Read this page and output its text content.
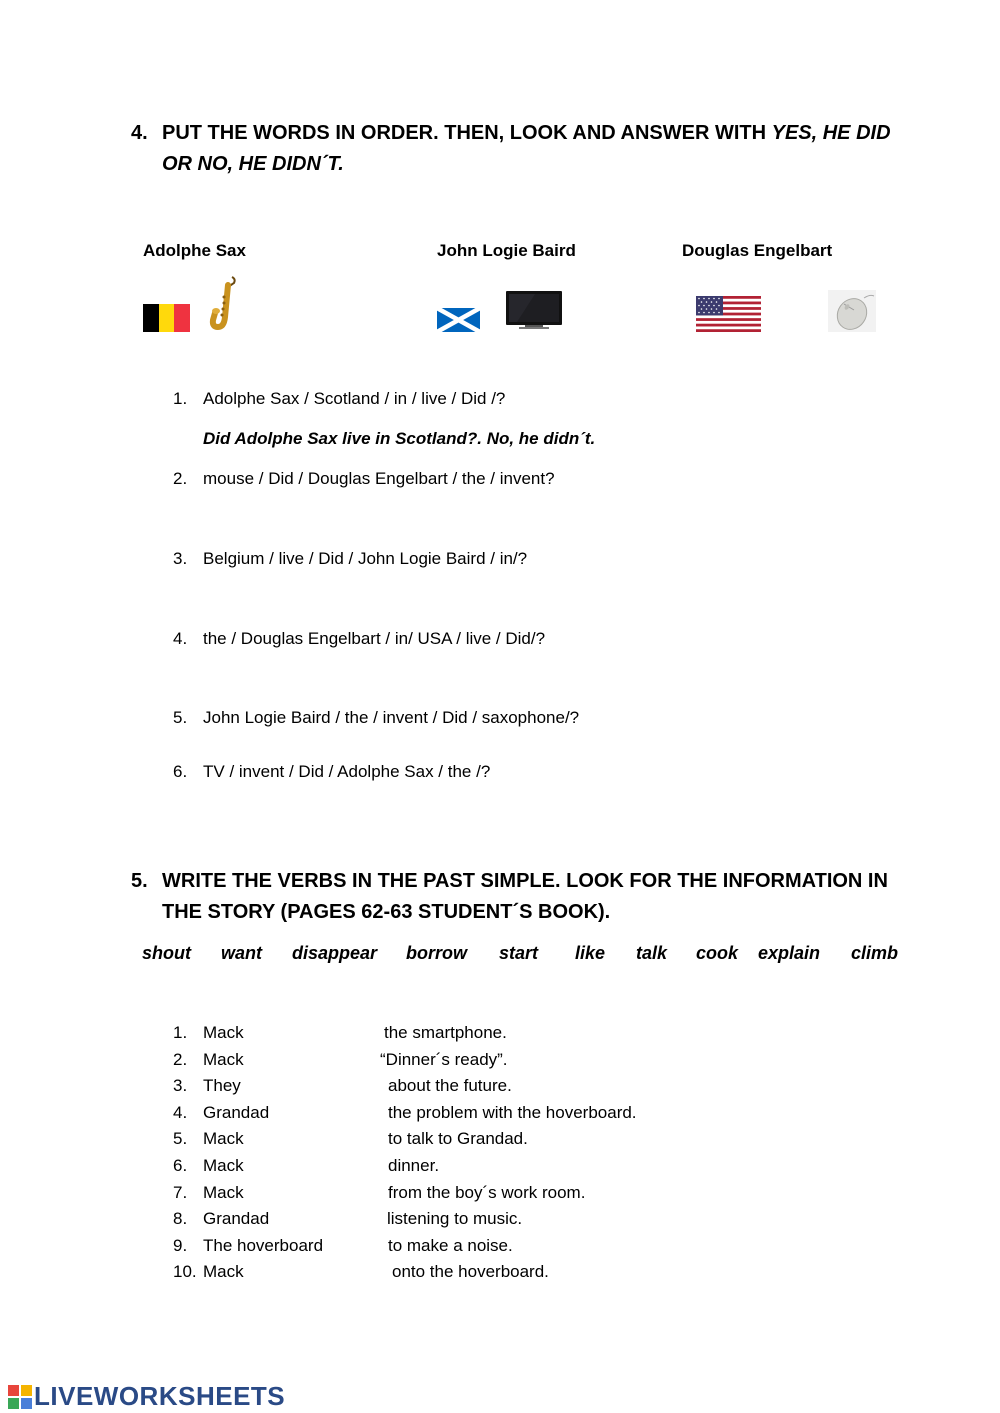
4. PUT THE WORDS IN ORDER. THEN, LOOK AND ANSWER WITH YES, HE DID
OR NO, HE DIDN´T.
Adolphe Sax	John Logie Baird	Douglas Engelbart
1. Adolphe Sax / Scotland / in / live / Did /?
Did Adolphe Sax live in Scotland?. No, he didn´t.
2. mouse / Did / Douglas Engelbart / the / invent?
3. Belgium / live / Did / John Logie Baird / in/?
4. the / Douglas Engelbart / in/ USA / live / Did/?
5. John Logie Baird / the / invent / Did / saxophone/?
6. TV / invent / Did / Adolphe Sax / the /?
5. WRITE THE VERBS IN THE PAST SIMPLE. LOOK FOR THE INFORMATION IN
THE STORY (PAGES 62-63 STUDENT´S BOOK).
shout want disappear borrow start like talk cook explain climb
1. Mack	the smartphone.
2. Mack	“Dinner´s ready”.
3. They	about the future.
4. Grandad	the problem with the hoverboard.
5. Mack	to talk to Grandad.
6. Mack	dinner.
7. Mack	from the boy´s work room.
8. Grandad	listening to music.
9. The hoverboard	to make a noise.
10. Mack	onto the hoverboard.
LIVEWORKSHEETS
